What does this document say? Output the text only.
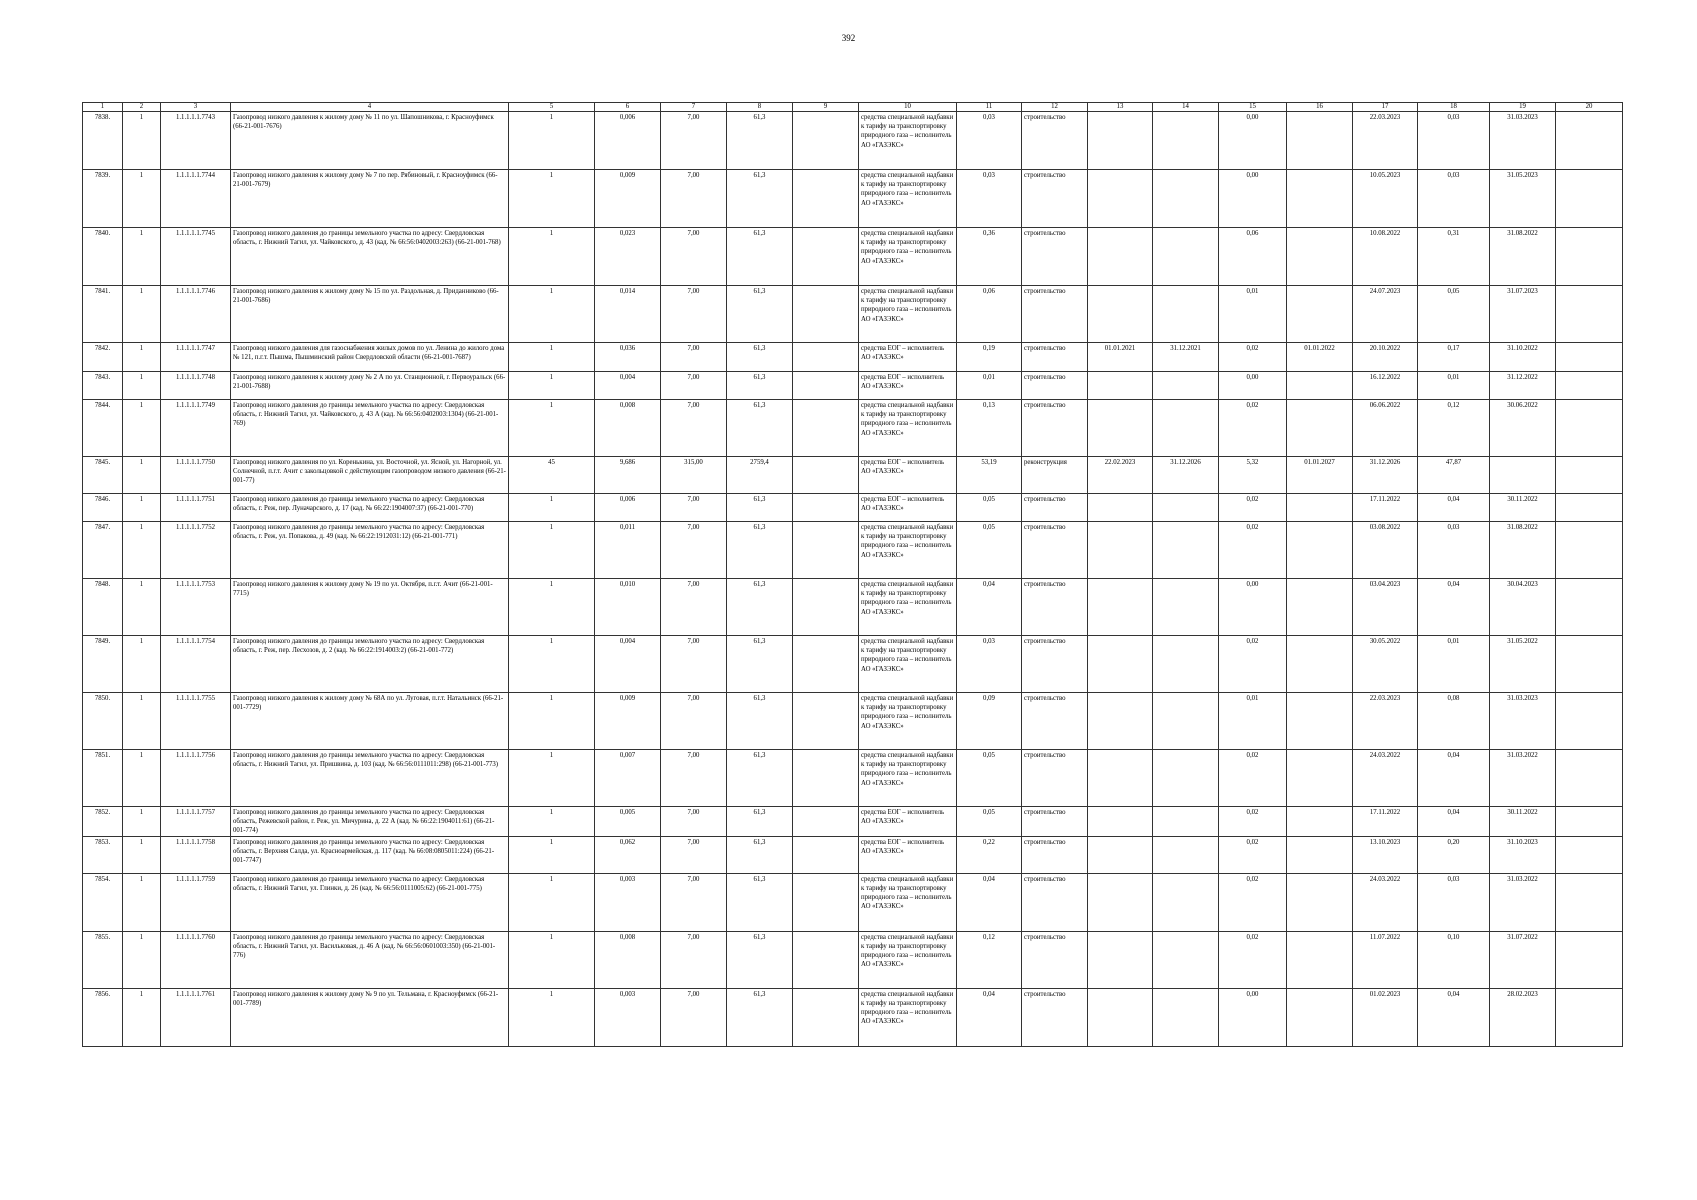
392
1	2	3	4	5	6	7	8	9	10	11	12	13	14	15	16	17	18	19	20
7838.	1	1.1.1.1.1.7743	Газопровод низкого давления к жилому дому № 11 по ул. Шапошникова, г. Красноуфимск (66-21-001-7676)	1	0,006	7,00	61,3		средства специальной надбавки к тарифу на транспортировку природного газа – исполнитель АО «ГАЗЭКС»	0,03	строительство			0,00		22.03.2023	0,03	31.03.2023	
7839.	1	1.1.1.1.1.7744	Газопровод низкого давления к жилому дому № 7 по пер. Рябиновый, г. Красноуфимск (66-21-001-7679)	1	0,009	7,00	61,3		средства специальной надбавки к тарифу на транспортировку природного газа – исполнитель АО «ГАЗЭКС»	0,03	строительство			0,00		10.05.2023	0,03	31.05.2023	
7840.	1	1.1.1.1.1.7745	Газопровод низкого давления до границы земельного участка по адресу: Свердловская область, г. Нижний Тагил, ул. Чайковского, д. 43 (кад. № 66:56:0402003:263) (66-21-001-768)	1	0,023	7,00	61,3		средства специальной надбавки к тарифу на транспортировку природного газа – исполнитель АО «ГАЗЭКС»	0,36	строительство			0,06		10.08.2022	0,31	31.08.2022	
7841.	1	1.1.1.1.1.7746	Газопровод низкого давления к жилому дому № 15 по ул. Раздольная, д. Приданниково (66-21-001-7686)	1	0,014	7,00	61,3		средства специальной надбавки к тарифу на транспортировку природного газа – исполнитель АО «ГАЗЭКС»	0,06	строительство			0,01		24.07.2023	0,05	31.07.2023	
7842.	1	1.1.1.1.1.7747	Газопровод низкого давления для газоснабжения жилых домов по ул. Ленина до жилого дома № 121, п.г.т. Пышма, Пышминский район Свердловской области (66-21-001-7687)	1	0,036	7,00	61,3		средства ЕОГ – исполнитель АО «ГАЗЭКС»	0,19	строительство	01.01.2021	31.12.2021	0,02	01.01.2022	20.10.2022	0,17	31.10.2022	
7843.	1	1.1.1.1.1.7748	Газопровод низкого давления к жилому дому № 2 А по ул. Станционной, г. Первоуральск (66-21-001-7688)	1	0,004	7,00	61,3		средства ЕОГ – исполнитель АО «ГАЗЭКС»	0,01	строительство			0,00		16.12.2022	0,01	31.12.2022	
7844.	1	1.1.1.1.1.7749	Газопровод низкого давления до границы земельного участка по адресу: Свердловская область, г. Нижний Тагил, ул. Чайковского, д. 43 А (кад. № 66:56:0402003:1304) (66-21-001-769)	1	0,008	7,00	61,3		средства специальной надбавки к тарифу на транспортировку природного газа – исполнитель АО «ГАЗЭКС»	0,13	строительство			0,02		06.06.2022	0,12	30.06.2022	
7845.	1	1.1.1.1.1.7750	Газопровод низкого давления по ул. Коренькина, ул. Восточной, ул. Ясной, ул. Нагорной, ул. Солнечной, п.г.т. Ачит с закольцовкой с действующим газопроводом низкого давления (66-21-001-77)	45	9,686	315,00	2759,4		средства ЕОГ – исполнитель АО «ГАЗЭКС»	53,19	реконструкция	22.02.2023	31.12.2026	5,32	01.01.2027	31.12.2026	47,87		
7846.	1	1.1.1.1.1.7751	Газопровод низкого давления до границы земельного участка по адресу: Свердловская область, г. Реж, пер. Луначарского, д. 17 (кад. № 66:22:1904007:37) (66-21-001-770)	1	0,006	7,00	61,3		средства ЕОГ – исполнитель АО «ГАЗЭКС»	0,05	строительство			0,02		17.11.2022	0,04	30.11.2022	
7847.	1	1.1.1.1.1.7752	Газопровод низкого давления до границы земельного участка по адресу: Свердловская область, г. Реж, ул. Попакова, д. 49 (кад. № 66:22:1912031:12) (66-21-001-771)	1	0,011	7,00	61,3		средства специальной надбавки к тарифу на транспортировку природного газа – исполнитель АО «ГАЗЭКС»	0,05	строительство			0,02		03.08.2022	0,03	31.08.2022	
7848.	1	1.1.1.1.1.7753	Газопровод низкого давления к жилому дому № 19 по ул. Октября, п.г.т. Ачит (66-21-001-7715)	1	0,010	7,00	61,3		средства специальной надбавки к тарифу на транспортировку природного газа – исполнитель АО «ГАЗЭКС»	0,04	строительство			0,00		03.04.2023	0,04	30.04.2023	
7849.	1	1.1.1.1.1.7754	Газопровод низкого давления до границы земельного участка по адресу: Свердловская область, г. Реж, пер. Лесхозов, д. 2 (кад. № 66:22:1914003:2) (66-21-001-772)	1	0,004	7,00	61,3		средства специальной надбавки к тарифу на транспортировку природного газа – исполнитель АО «ГАЗЭКС»	0,03	строительство			0,02		30.05.2022	0,01	31.05.2022	
7850.	1	1.1.1.1.1.7755	Газопровод низкого давления к жилому дому № 68А по ул. Луговая, п.г.т. Натальинск (66-21-001-7729)	1	0,009	7,00	61,3		средства специальной надбавки к тарифу на транспортировку природного газа – исполнитель АО «ГАЗЭКС»	0,09	строительство			0,01		22.03.2023	0,08	31.03.2023	
7851.	1	1.1.1.1.1.7756	Газопровод низкого давления до границы земельного участка по адресу: Свердловская область, г. Нижний Тагил, ул. Пришвина, д. 103 (кад. № 66:56:0111011:298) (66-21-001-773)	1	0,007	7,00	61,3		средства специальной надбавки к тарифу на транспортировку природного газа – исполнитель АО «ГАЗЭКС»	0,05	строительство			0,02		24.03.2022	0,04	31.03.2022	
7852.	1	1.1.1.1.1.7757	Газопровод низкого давления до границы земельного участка по адресу: Свердловская область, Режевской район, г. Реж, ул. Мичурина, д. 22 А (кад. № 66:22:1904011:61) (66-21-001-774)	1	0,005	7,00	61,3		средства ЕОГ – исполнитель АО «ГАЗЭКС»	0,05	строительство			0,02		17.11.2022	0,04	30.11.2022	
7853.	1	1.1.1.1.1.7758	Газопровод низкого давления до границы земельного участка по адресу: Свердловская область, г. Верхняя Салда, ул. Красноармейская, д. 117 (кад. № 66:08:0805011:224) (66-21-001-7747)	1	0,062	7,00	61,3		средства ЕОГ – исполнитель АО «ГАЗЭКС»	0,22	строительство			0,02		13.10.2023	0,20	31.10.2023	
7854.	1	1.1.1.1.1.7759	Газопровод низкого давления до границы земельного участка по адресу: Свердловская область, г. Нижний Тагил, ул. Глинки, д. 26 (кад. № 66:56:0111005:62) (66-21-001-775)	1	0,003	7,00	61,3		средства специальной надбавки к тарифу на транспортировку природного газа – исполнитель АО «ГАЗЭКС»	0,04	строительство			0,02		24.03.2022	0,03	31.03.2022	
7855.	1	1.1.1.1.1.7760	Газопровод низкого давления до границы земельного участка по адресу: Свердловская область, г. Нижний Тагил, ул. Васильковая, д. 46 А (кад. № 66:56:0601003:350) (66-21-001-776)	1	0,008	7,00	61,3		средства специальной надбавки к тарифу на транспортировку природного газа – исполнитель АО «ГАЗЭКС»	0,12	строительство			0,02		11.07.2022	0,10	31.07.2022	
7856.	1	1.1.1.1.1.7761	Газопровод низкого давления к жилому дому № 9 по ул. Тельмана, г. Красноуфимск (66-21-001-7789)	1	0,003	7,00	61,3		средства специальной надбавки к тарифу на транспортировку природного газа – исполнитель АО «ГАЗЭКС»	0,04	строительство			0,00		01.02.2023	0,04	28.02.2023	
